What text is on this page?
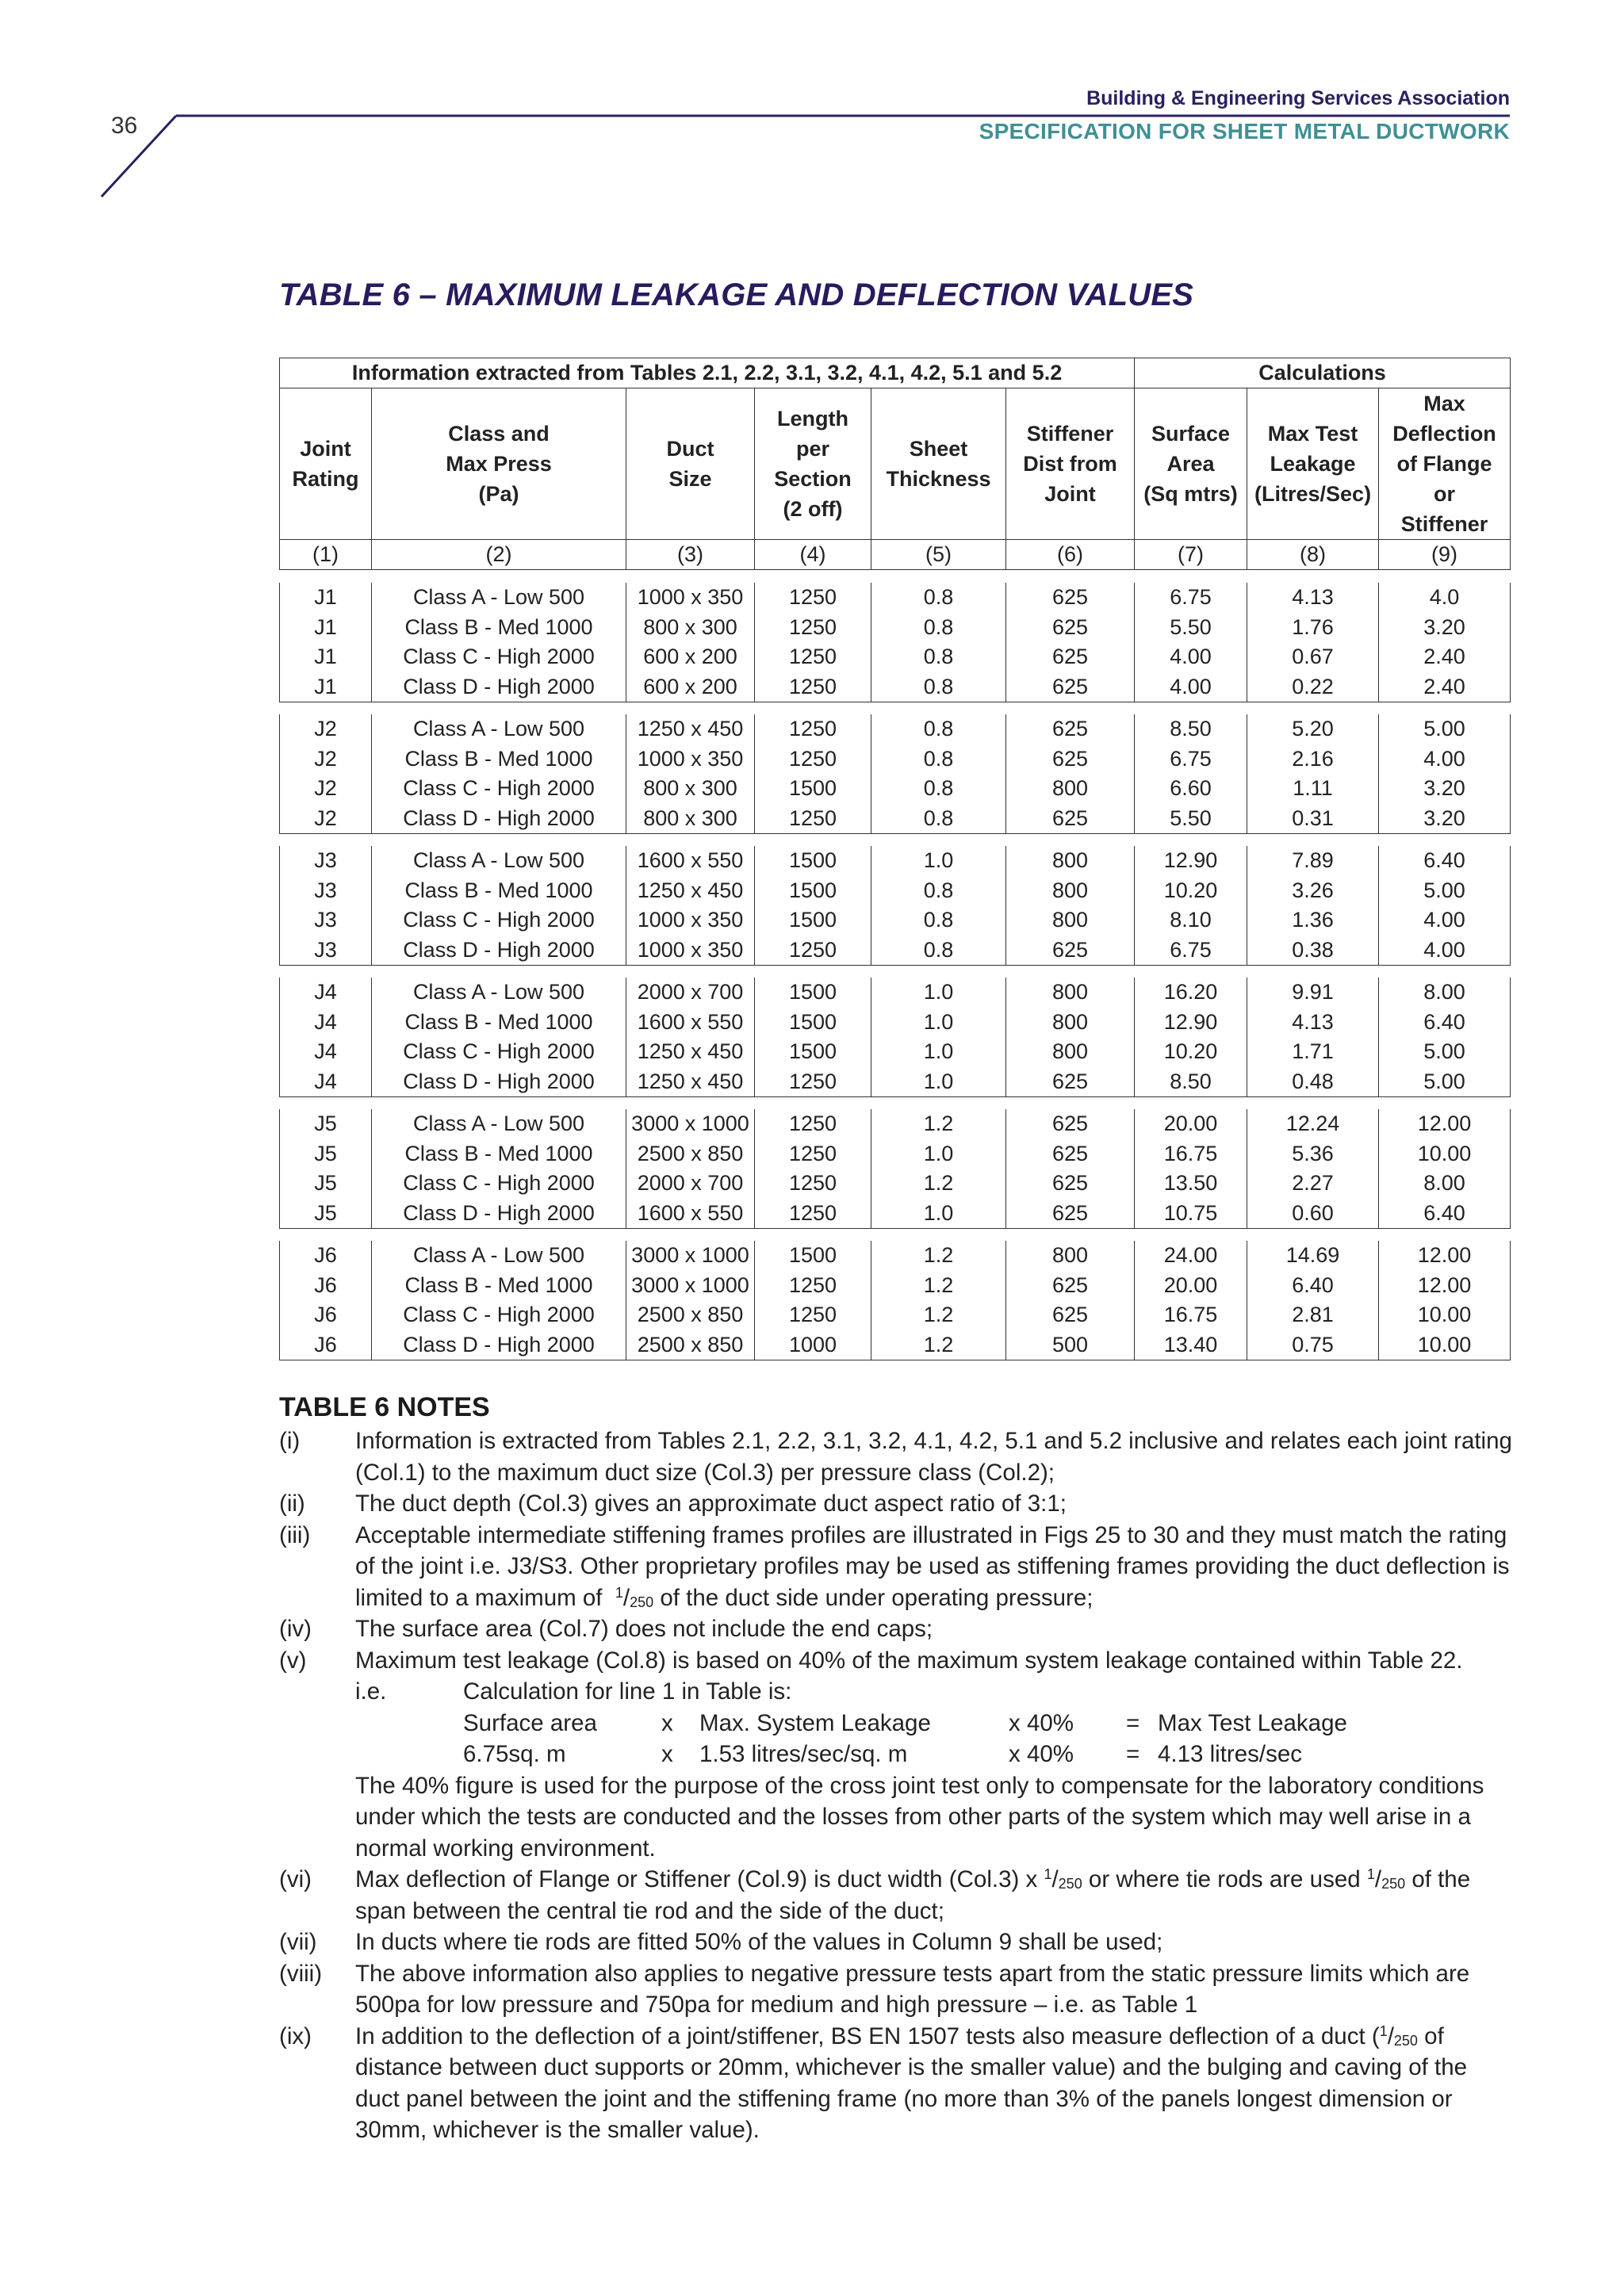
36
Building & Engineering Services Association
SPECIFICATION FOR SHEET METAL DUCTWORK
TABLE 6 – MAXIMUM LEAKAGE AND DEFLECTION VALUES
Information extracted from Tables 2.1, 2.2, 3.1, 3.2, 4.1, 4.2, 5.1 and 5.2						Calculations		
Joint
Rating	Class and
Max Press
(Pa)	Duct
Size	Length
per
Section
(2 off)	Sheet
Thickness	Stiffener
Dist from
Joint	Surface
Area
(Sq mtrs)	Max Test
Leakage
(Litres/Sec)	Max
Deflection
of Flange
or
Stiffener
(1)	(2)	(3)	(4)	(5)	(6)	(7)	(8)	(9)
J1	Class A - Low 500	1000 x 350	1250	0.8	625	6.75	4.13	4.0
J1	Class B - Med 1000	800 x 300	1250	0.8	625	5.50	1.76	3.20
J1	Class C - High 2000	600 x 200	1250	0.8	625	4.00	0.67	2.40
J1	Class D - High 2000	600 x 200	1250	0.8	625	4.00	0.22	2.40
J2	Class A - Low 500	1250 x 450	1250	0.8	625	8.50	5.20	5.00
J2	Class B - Med 1000	1000 x 350	1250	0.8	625	6.75	2.16	4.00
J2	Class C - High 2000	800 x 300	1500	0.8	800	6.60	1.11	3.20
J2	Class D - High 2000	800 x 300	1250	0.8	625	5.50	0.31	3.20
J3	Class A - Low 500	1600 x 550	1500	1.0	800	12.90	7.89	6.40
J3	Class B - Med 1000	1250 x 450	1500	0.8	800	10.20	3.26	5.00
J3	Class C - High 2000	1000 x 350	1500	0.8	800	8.10	1.36	4.00
J3	Class D - High 2000	1000 x 350	1250	0.8	625	6.75	0.38	4.00
J4	Class A - Low 500	2000 x 700	1500	1.0	800	16.20	9.91	8.00
J4	Class B - Med 1000	1600 x 550	1500	1.0	800	12.90	4.13	6.40
J4	Class C - High 2000	1250 x 450	1500	1.0	800	10.20	1.71	5.00
J4	Class D - High 2000	1250 x 450	1250	1.0	625	8.50	0.48	5.00
J5	Class A - Low 500	3000 x 1000	1250	1.2	625	20.00	12.24	12.00
J5	Class B - Med 1000	2500 x 850	1250	1.0	625	16.75	5.36	10.00
J5	Class C - High 2000	2000 x 700	1250	1.2	625	13.50	2.27	8.00
J5	Class D - High 2000	1600 x 550	1250	1.0	625	10.75	0.60	6.40
J6	Class A - Low 500	3000 x 1000	1500	1.2	800	24.00	14.69	12.00
J6	Class B - Med 1000	3000 x 1000	1250	1.2	625	20.00	6.40	12.00
J6	Class C - High 2000	2500 x 850	1250	1.2	625	16.75	2.81	10.00
J6	Class D - High 2000	2500 x 850	1000	1.2	500	13.40	0.75	10.00
TABLE 6 NOTES
(i)	Information is extracted from Tables 2.1, 2.2, 3.1, 3.2, 4.1, 4.2, 5.1 and 5.2 inclusive and relates each joint rating (Col.1) to the maximum duct size (Col.3) per pressure class (Col.2);
(ii)	The duct depth (Col.3) gives an approximate duct aspect ratio of 3:1;
(iii)	Acceptable intermediate stiffening frames profiles are illustrated in Figs 25 to 30 and they must match the rating of the joint i.e. J3/S3. Other proprietary profiles may be used as stiffening frames providing the duct deflection is limited to a maximum of $^1/_{250}$ of the duct side under operating pressure;
(iv)	The surface area (Col.7) does not include the end caps;
(v)	Maximum test leakage (Col.8) is based on 40% of the maximum system leakage contained within Table 22.
i.e.	Calculation for line 1 in Table is:
Surface area	x	Max. System Leakage	x 40%	= Max Test Leakage
6.75sq. m	x	1.53 litres/sec/sq. m	x 40%	= 4.13 litres/sec
The 40% figure is used for the purpose of the cross joint test only to compensate for the laboratory conditions under which the tests are conducted and the losses from other parts of the system which may well arise in a normal working environment.
(vi)	Max deflection of Flange or Stiffener (Col.9) is duct width (Col.3) x $^1/_{250}$ or where tie rods are used $^1/_{250}$ of the span between the central tie rod and the side of the duct;
(vii)	In ducts where tie rods are fitted 50% of the values in Column 9 shall be used;
(viii)	The above information also applies to negative pressure tests apart from the static pressure limits which are 500pa for low pressure and 750pa for medium and high pressure – i.e. as Table 1
(ix)	In addition to the deflection of a joint/stiffener, BS EN 1507 tests also measure deflection of a duct ($^1/_{250}$ of distance between duct supports or 20mm, whichever is the smaller value) and the bulging and caving of the duct panel between the joint and the stiffening frame (no more than 3% of the panels longest dimension or 30mm, whichever is the smaller value).
